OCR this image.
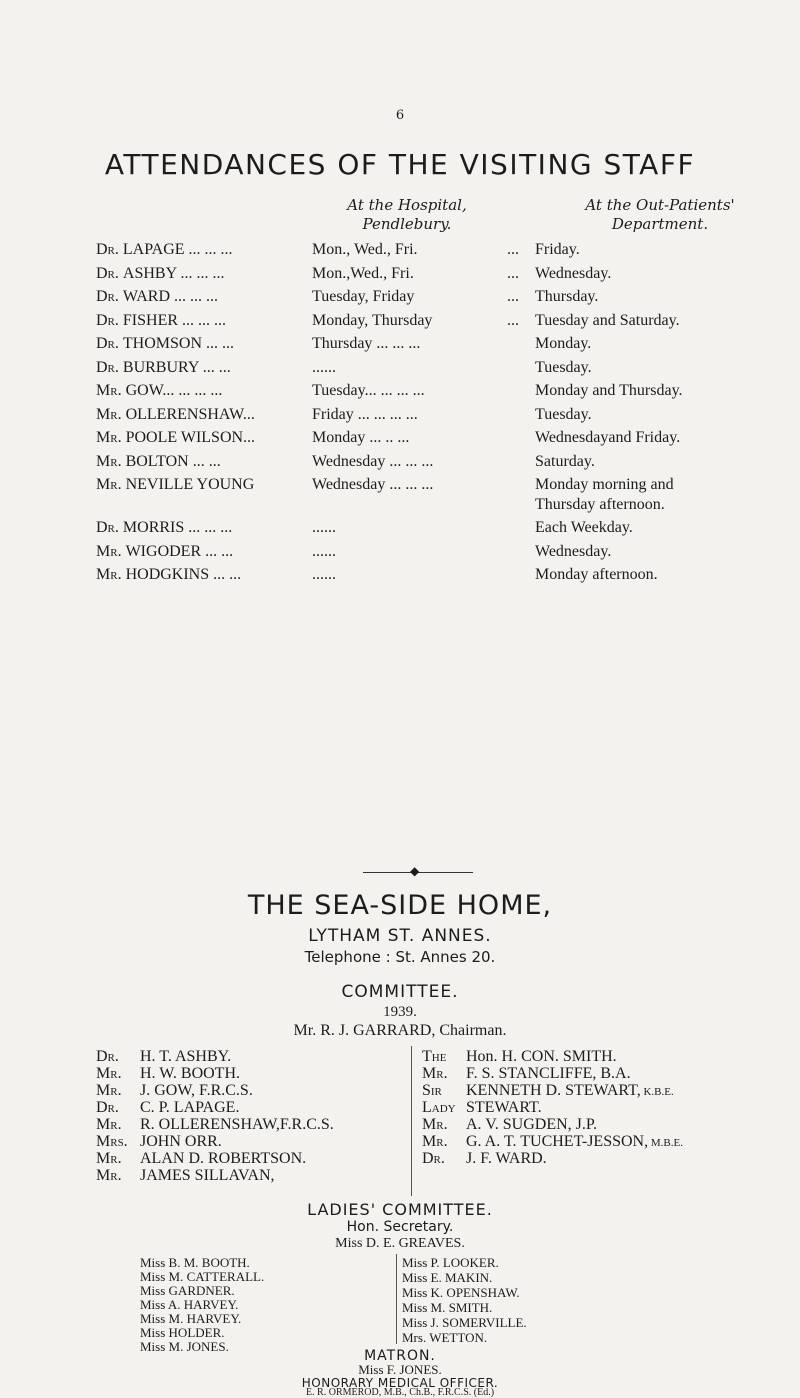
6
ATTENDANCES OF THE VISITING STAFF
At the Hospital,
Pendlebury.
At the Out-Patients'
Department.
◆
THE SEA-SIDE HOME,
LYTHAM ST. ANNES.
Telephone : St. Annes 20.
COMMITTEE.
1939.
Mr. R. J. GARRARD, Chairman.
LADIES' COMMITTEE.
Dr. LAPAGE ... ... ...	Mon., Wed., Fri.	... Friday.
Dr. ASHBY ... ... ...	Mon.,Wed., Fri.	... Wednesday.
Dr. WARD ... ... ...	Tuesday, Friday	... Thursday.
Dr. FISHER ... ... ...	Monday, Thursday	... Tuesday and Saturday.
Dr. THOMSON ... ...	Thursday ... ... ...	Monday.
Dr. BURBURY ... ...	......	Tuesday.
Mr. GOW... ... ... ...	Tuesday... ... ... ...	Monday and Thursday.
Mr. OLLERENSHAW...	Friday ... ... ... ...	Tuesday.
Mr. POOLE WILSON...	Monday ... .. ...	Wednesdayand Friday.
Mr. BOLTON ... ...	Wednesday ... ... ...	Saturday.
Mr. NEVILLE YOUNG	Wednesday ... ... ...	Monday morning and
Thursday afternoon.
Dr. MORRIS ... ... ...	......	Each Weekday.
Mr. WIGODER ... ...	......	Wednesday.
Mr. HODGKINS ... ...	......	Monday afternoon.
Dr. H. T. ASHBY.
Mr. H. W. BOOTH.
Mr. J. GOW, F.R.C.S.
Dr. C. P. LAPAGE.
Mr. R. OLLERENSHAW,F.R.C.S.
Mrs. JOHN ORR.
Mr. ALAN D. ROBERTSON.
Mr. JAMES SILLAVAN,
The Hon. H. CON. SMITH.
Mr. F. S. STANCLIFFE, B.A.
Sir KENNETH D. STEWART, K.B.E.
Lady STEWART.
Mr. A. V. SUGDEN, J.P.
Mr. G. A. T. TUCHET-JESSON, M.B.E.
Dr. J. F. WARD.
Hon. Secretary.
Miss D. E. GREAVES.
Miss B. M. BOOTH.
Miss M. CATTERALL.
Miss GARDNER.
Miss A. HARVEY.
Miss M. HARVEY.
Miss HOLDER.
Miss M. JONES.
Miss P. LOOKER.
Miss E. MAKIN.
Miss K. OPENSHAW.
Miss M. SMITH.
Miss J. SOMERVILLE.
Mrs. WETTON.
MATRON.
Miss F. JONES.
HONORARY MEDICAL OFFICER.
E. R. ORMEROD, M.B., Ch.B., F.R.C.S. (Ed.)
